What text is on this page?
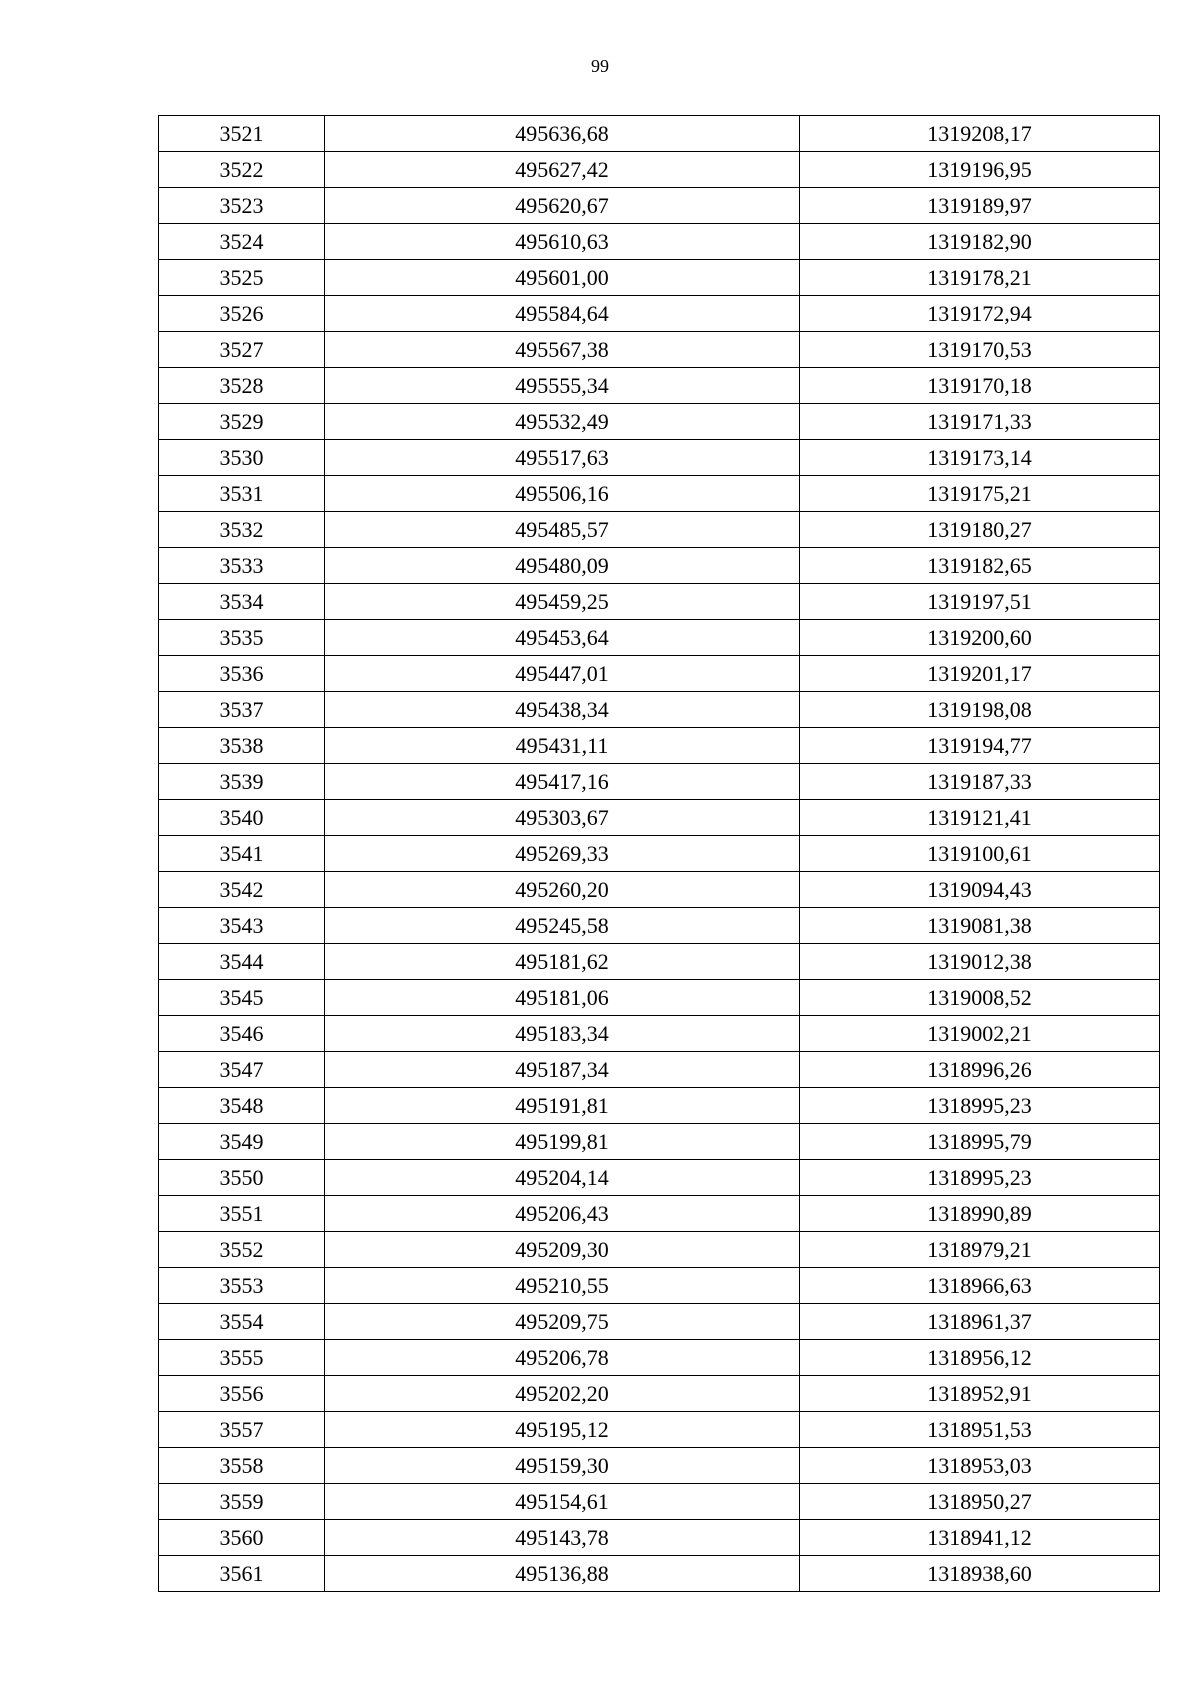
99
3521	495636,68	1319208,17
3522	495627,42	1319196,95
3523	495620,67	1319189,97
3524	495610,63	1319182,90
3525	495601,00	1319178,21
3526	495584,64	1319172,94
3527	495567,38	1319170,53
3528	495555,34	1319170,18
3529	495532,49	1319171,33
3530	495517,63	1319173,14
3531	495506,16	1319175,21
3532	495485,57	1319180,27
3533	495480,09	1319182,65
3534	495459,25	1319197,51
3535	495453,64	1319200,60
3536	495447,01	1319201,17
3537	495438,34	1319198,08
3538	495431,11	1319194,77
3539	495417,16	1319187,33
3540	495303,67	1319121,41
3541	495269,33	1319100,61
3542	495260,20	1319094,43
3543	495245,58	1319081,38
3544	495181,62	1319012,38
3545	495181,06	1319008,52
3546	495183,34	1319002,21
3547	495187,34	1318996,26
3548	495191,81	1318995,23
3549	495199,81	1318995,79
3550	495204,14	1318995,23
3551	495206,43	1318990,89
3552	495209,30	1318979,21
3553	495210,55	1318966,63
3554	495209,75	1318961,37
3555	495206,78	1318956,12
3556	495202,20	1318952,91
3557	495195,12	1318951,53
3558	495159,30	1318953,03
3559	495154,61	1318950,27
3560	495143,78	1318941,12
3561	495136,88	1318938,60
